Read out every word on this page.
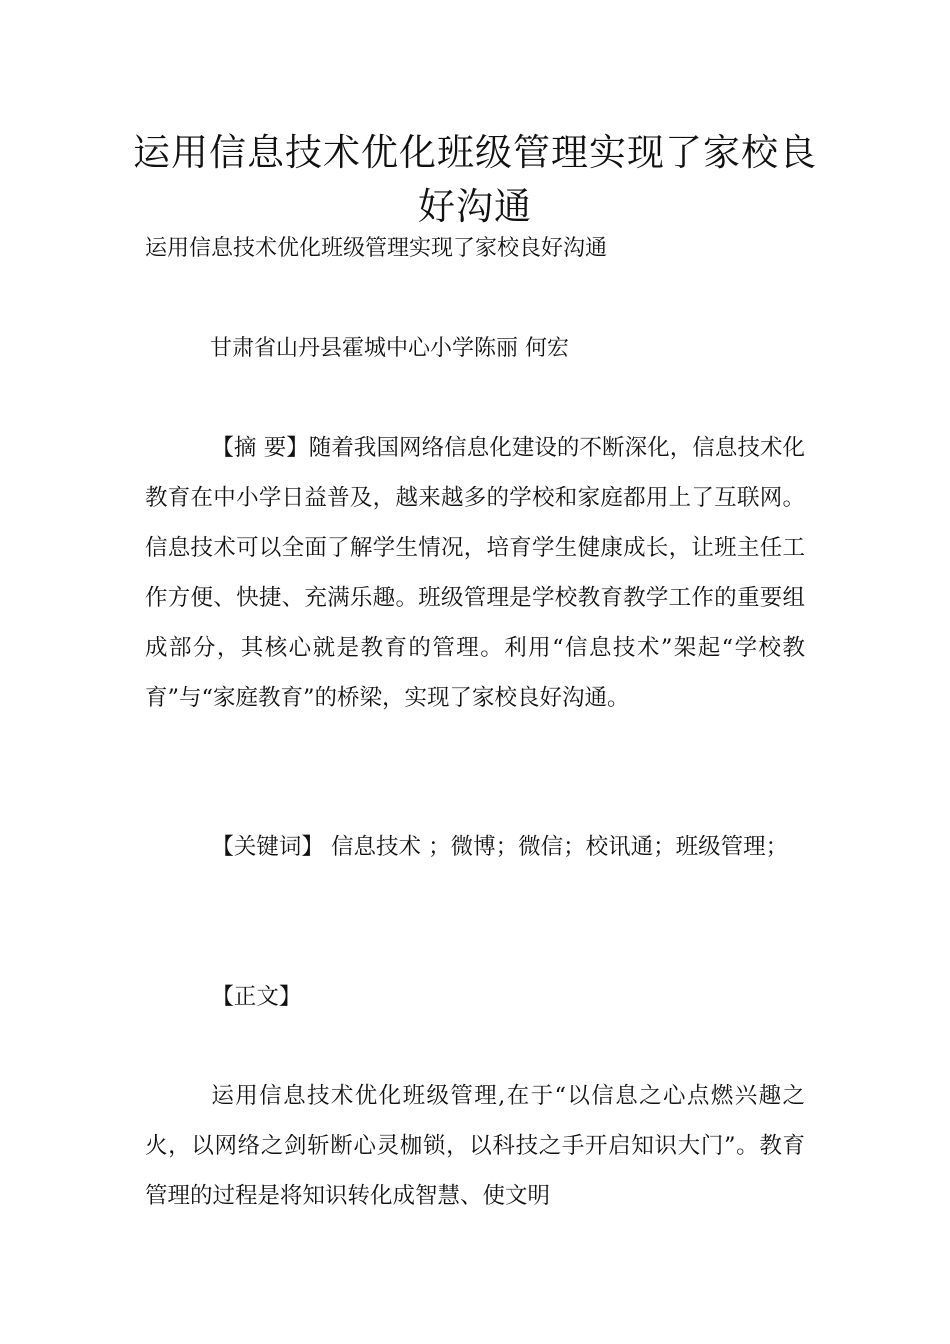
运用信息技术优化班级管理实现了家校良好沟通

运用信息技术优化班级管理实现了家校良好沟通

甘肃省山丹县霍城中心小学陈丽 何宏

【摘 要】随着我国网络信息化建设的不断深化，信息技术化教育在中小学日益普及，越来越多的学校和家庭都用上了互联网。信息技术可以全面了解学生情况，培育学生健康成长，让班主任工作方便、快捷、充满乐趣。班级管理是学校教育教学工作的重要组成部分，其核心就是教育的管理。利用“信息技术”架起“学校教育”与“家庭教育”的桥梁，实现了家校良好沟通。

【关键词】 信息技术 ；微博；微信；校讯通；班级管理；

【正文】

运用信息技术优化班级管理,在于“以信息之心点燃兴趣之火，以网络之剑斩断心灵枷锁，以科技之手开启知识大门”。教育管理的过程是将知识转化成智慧、使文明
